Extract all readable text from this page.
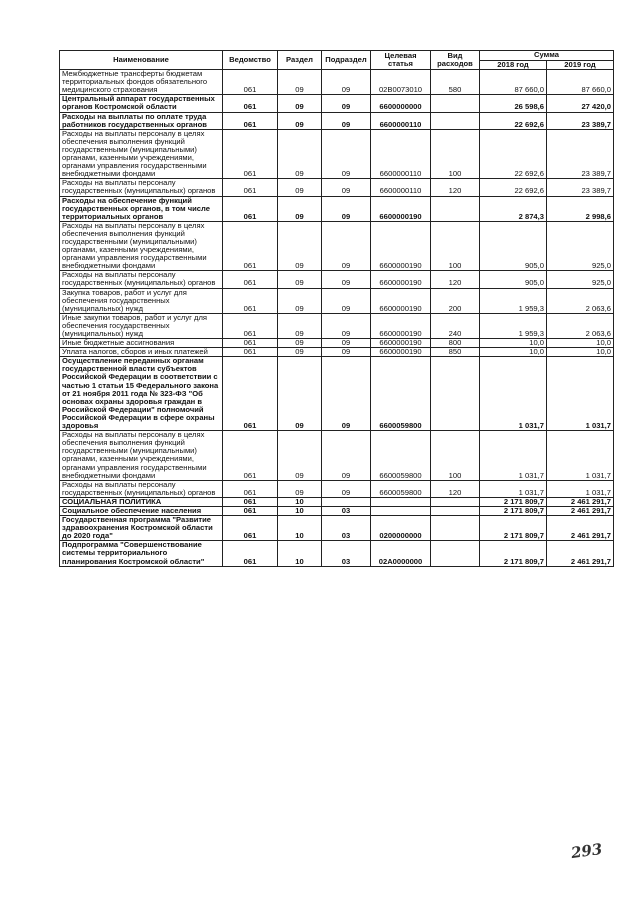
Наименование	Ведомство	Раздел	Подраздел	Целевая статья	Вид расходов	Сумма	
						2018 год	2019 год
Межбюджетные трансферты бюджетам территориальных фондов обязательного медицинского страхования	061	09	09	02В0073010	580	87 660,0	87 660,0
Центральный аппарат государственных органов Костромской области	061	09	09	6600000000		26 598,6	27 420,0
Расходы на выплаты по оплате труда работников государственных органов	061	09	09	6600000110		22 692,6	23 389,7
Расходы на выплаты персоналу в целях обеспечения выполнения функций государственными (муниципальными) органами, казенными учреждениями, органами управления государственными внебюджетными фондами	061	09	09	6600000110	100	22 692,6	23 389,7
Расходы на выплаты персоналу государственных (муниципальных) органов	061	09	09	6600000110	120	22 692,6	23 389,7
Расходы на обеспечение функций государственных органов, в том числе территориальных органов	061	09	09	6600000190		2 874,3	2 998,6
Расходы на выплаты персоналу в целях обеспечения выполнения функций государственными (муниципальными) органами, казенными учреждениями, органами управления государственными внебюджетными фондами	061	09	09	6600000190	100	905,0	925,0
Расходы на выплаты персоналу государственных (муниципальных) органов	061	09	09	6600000190	120	905,0	925,0
Закупка товаров, работ и услуг для обеспечения государственных (муниципальных) нужд	061	09	09	6600000190	200	1 959,3	2 063,6
Иные закупки товаров, работ и услуг для обеспечения государственных (муниципальных) нужд	061	09	09	6600000190	240	1 959,3	2 063,6
Иные бюджетные ассигнования	061	09	09	6600000190	800	10,0	10,0
Уплата налогов, сборов и иных платежей	061	09	09	6600000190	850	10,0	10,0
Осуществление переданных органам государственной власти субъектов Российской Федерации в соответствии с частью 1 статьи 15 Федерального закона от 21 ноября 2011 года № 323-ФЗ "Об основах охраны здоровья граждан в Российской Федерации" полномочий Российской Федерации в сфере охраны здоровья	061	09	09	6600059800		1 031,7	1 031,7
Расходы на выплаты персоналу в целях обеспечения выполнения функций государственными (муниципальными) органами, казенными учреждениями, органами управления государственными внебюджетными фондами	061	09	09	6600059800	100	1 031,7	1 031,7
Расходы на выплаты персоналу государственных (муниципальных) органов	061	09	09	6600059800	120	1 031,7	1 031,7
СОЦИАЛЬНАЯ ПОЛИТИКА	061	10				2 171 809,7	2 461 291,7
Социальное обеспечение населения	061	10	03			2 171 809,7	2 461 291,7
Государственная программа "Развитие здравоохранения Костромской области до 2020 года"	061	10	03	0200000000		2 171 809,7	2 461 291,7
Подпрограмма "Совершенствование системы территориального планирования Костромской области"	061	10	03	02А0000000		2 171 809,7	2 461 291,7
293
